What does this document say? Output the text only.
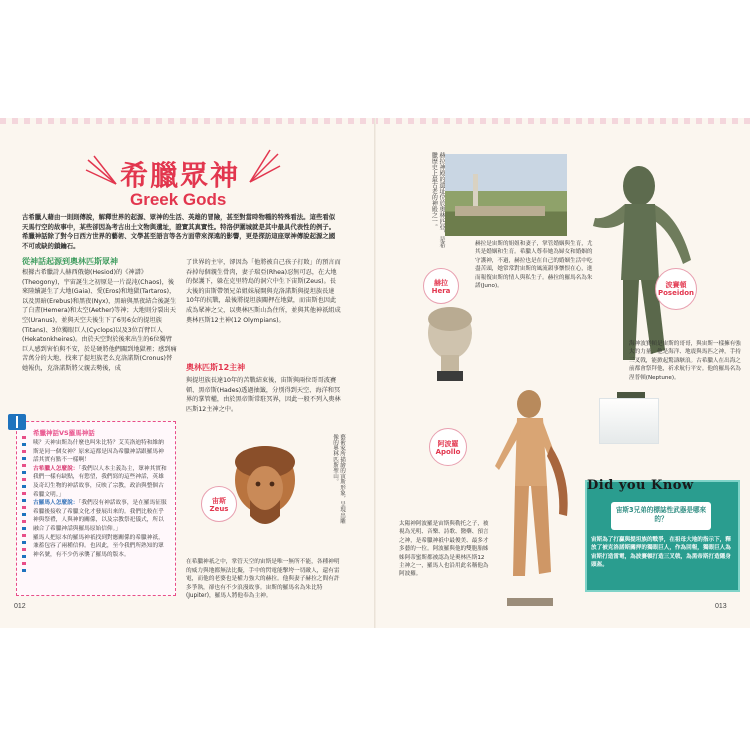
希臘眾神
Greek Gods
古希臘人藉由一則則傳說，解釋世界的起源、眾神的生活、英雄的冒險，甚至對當時物種的特殊看法。這些看似天馬行空的故事中，某些卻因為考古出土文物與遺址，證實其真實性。特洛伊圍城就是其中最具代表性的例子。希臘神話除了對今日西方世界的藝術、文學甚至語言等各方面帶來深遠的影響，更是探訪這座眾神傳說起源之國不可或缺的鎖鑰石。
從神話起源到奧林匹斯眾神
根據古希臘詩人赫西俄德(Hesiod)的《神譜》(Theogony)，宇宙誕生之初原是一片混沌(Chaos)，後來陸續誕生了大地(Gaia)、愛(Eros)和地獄(Tartaros)，以及黑暗(Erebus)和黑夜(Nyx)，黑暗與黑夜結合後誕生了白晝(Hemera)和太空(Aether)等神；大地則分裂出天空(Uranus)，並與天空夫後生下了6男6女的提坦族(Titans)、3位獨眼巨人(Cyclops)以及3位百臂巨人(Hekatonkheires)。由於天空對於後來出生的6位獨臂巨人感到害怕與不安，於是硬將他們關到地獄裡；感到痛苦萬分的大地，找來了提坦族老么克洛諾斯(Cronus)替她報仇，克洛諾斯將父親去勢後，成
了世界的主宰，卻因為「他將被自己孩子打敗」的預言而吞掉每個親生骨肉，妻子瑞亞(Rhea)忍無可忍，在大地的保護下，躲在克里特島的洞穴中生下宙斯(Zeus)。長大後的宙斯帶領兄弟姐妹展開與克洛諾斯與提坦族長達10年的抗戰，最後將提坦族關押在地獄，而宙斯也因此成為眾神之父，以奧林匹斯山為住所，並與其他神祇組成奧林匹斯12主神(12 Olympians)。
奧林匹斯12主神
與提坦族長達10年的苦戰結束後，宙斯與兩位哥哥波賽頓、黑帝斯(Hades)透過抽籤，分別得到天空、海洋和冥界的掌管權，由於黑帝斯常駐冥界，因此一般不列入奧林匹斯12主神之中。
希臘神話VS羅馬神話
咦？天神宙斯為什麼也叫朱比特？艾芙洛迪特和維納斯是同一個女神？原來這都是因為希臘神話跟羅馬神話其實有點不一樣啊！
古希臘人怎麼說：「我們以人本主義為主，眾神其實和我們一樣有缺點，有慾望，我們寫的這些神話，英雄及奇幻生物的神話故事，反映了宗教，政治與整個古希臘文明。」
古羅馬人怎麼說：「我們沒有神話故事，是在羅馬征服希臘後接收了希臘文化才發展出來的。我們比較在乎神與祭禮，人與神的關係，以及宗教祭祀儀式，所以融合了希臘神話與羅馬原始信仰。」
羅馬人把原本的羅馬神祇找到對應關係的希臘神祇，兼蓄包容了兩種信仰。也因此，至今我們所熟知的眾神名號，有不少仍承襲了羅馬的版本。
宙斯
Zeus	藝術家所描繪的宙斯形象，呈現出雕像的奧林匹斯聖山。
在希臘神祇之中，掌管天空的宙斯是唯一無所不能，各種神明的威力與地都無法比擬，手中的閃電能擊垮一切敵人，還有雷電，而他的老婆也是權力強大的赫拉。他與妻子赫拉之間有許多爭執，卻也有不少浪漫故事。宙斯的羅馬名為朱比特(Jupiter)，羅馬人將他奉為主神。
012
赫拉神殿的遺址位於奧林匹亞，是希臘歷史上最古老的神殿之一。
赫拉是宙斯的姐姐和妻子，掌管婚姻與生育，尤其是婚姻和生育。希臘人尊奉她為婦女和婚姻的守護神，不過，赫拉也是在自己的婚姻生活中吃盡苦頭，她常常對宙斯的風流韻事懷恨在心，進而報復宙斯的情人與私生子。赫拉的羅馬名為朱諾(Juno)。
赫拉
Hera
波賽頓
Poseidon
海神波賽頓是宙斯的哥哥，與宙斯一樣擁有強大的力量，他是海洋、地震與馬匹之神，手持三叉戟，能掀起驚濤駭浪。古希臘人在出海之前都會祭拜他，祈求航行平安。他的羅馬名為涅普頓(Neptune)。
阿波羅
Apollo
太陽神阿波羅是宙斯與勒托之子，被視為光明、音樂、詩歌、醫藥、預言之神，是希臘神祇中最俊美、最多才多藝的一位。阿波羅與他的雙胞胎姊姊阿蒂蜜斯都被認為是奧林匹斯12主神之一，羅馬人也沿用此名稱他為阿波羅。
Did you Know
宙斯3兄弟的標誌性武器是哪來的？
宙斯為了打贏與提坦族的戰爭，在祖母大地的指示下，釋放了被克洛諾斯關押的獨眼巨人，作為回報，獨眼巨人為宙斯打造雷電，為波賽頓打造三叉戟，為黑帝斯打造隱身頭盔。
013
